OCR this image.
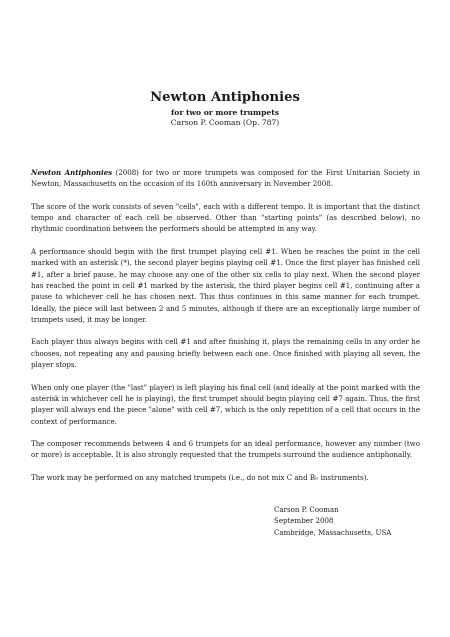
Newton Antiphonies
for two or more trumpets
Carson P. Cooman (Op. 787)

Newton Antiphonies (2008) for two or more trumpets was composed for the First Unitarian Society in Newton, Massachusetts on the occasion of its 160th anniversary in November 2008.

The score of the work consists of seven "cells", each with a different tempo. It is important that the distinct tempo and character of each cell be observed. Other than "starting points" (as described below), no rhythmic coordination between the performers should be attempted in any way.

A performance should begin with the first trumpet playing cell #1. When he reaches the point in the cell marked with an asterisk (*), the second player begins playing cell #1. Once the first player has finished cell #1, after a brief pause, he may choose any one of the other six cells to play next. When the second player has reached the point in cell #1 marked by the asterisk, the third player begins cell #1, continuing after a pause to whichever cell he has chosen next. This thus continues in this same manner for each trumpet. Ideally, the piece will last between 2 and 5 minutes, although if there are an exceptionally large number of trumpets used, it may be longer.

Each player thus always begins with cell #1 and after finishing it, plays the remaining cells in any order he chooses, not repeating any and pausing briefly between each one. Once finished with playing all seven, the player stops.

When only one player (the "last" player) is left playing his final cell (and ideally at the point marked with the asterisk in whichever cell he is playing), the first trumpet should begin playing cell #7 again. Thus, the first player will always end the piece "alone" with cell #7, which is the only repetition of a cell that occurs in the context of performance.

The composer recommends between 4 and 6 trumpets for an ideal performance, however any number (two or more) is acceptable. It is also strongly requested that the trumpets surround the audience antiphonally.

The work may be performed on any matched trumpets (i.e., do not mix C and B♭ instruments).

Carson P. Cooman
September 2008
Cambridge, Massachusetts, USA
